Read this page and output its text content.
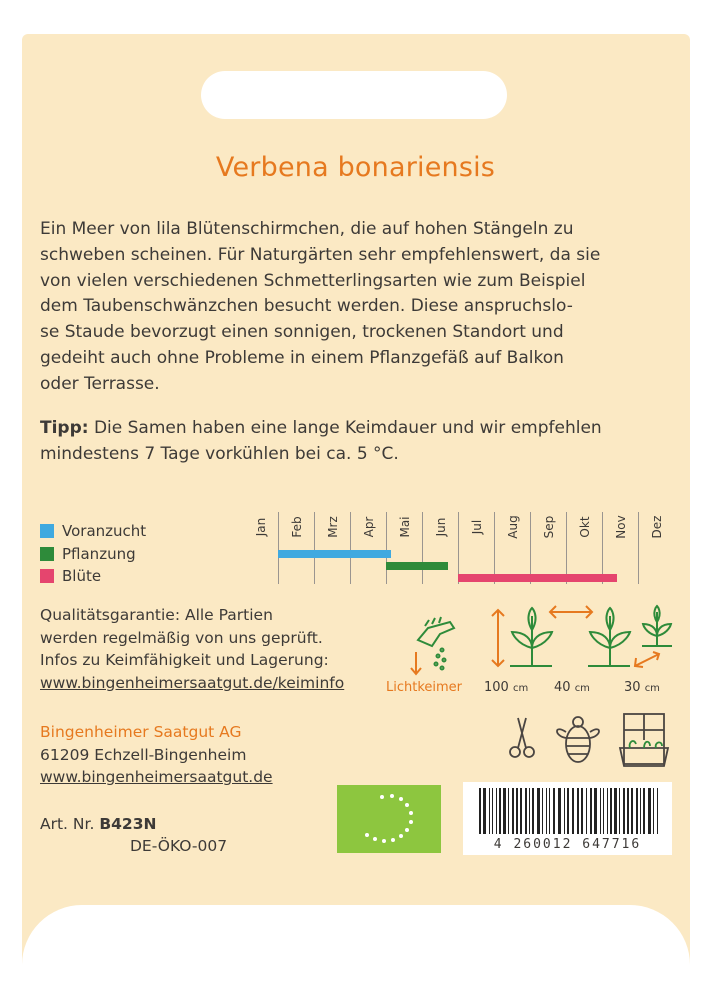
Verbena bonariensis

Ein Meer von lila Blütenschirmchen, die auf hohen Stängeln zu

schweben scheinen. Für Naturgärten sehr empfehlenswert, da sie

von vielen verschiedenen Schmetterlingsarten wie zum Beispiel

dem Taubenschwänzchen besucht werden. Diese anspruchslo-

se Staude bevorzugt einen sonnigen, trockenen Standort und

gedeiht auch ohne Probleme in einem Pflanzgefäß auf Balkon

oder Terrasse.

Tipp: Die Samen haben eine lange Keimdauer und wir empfehlen
mindestens 7 Tage vorkühlen bei ca. 5 °C.
Voranzucht
Pflanzung
Blüte
Jan Feb Mrz Apr Mai Jun Jul Aug Sep Okt Nov Dez
Qualitätsgarantie: Alle Partien
werden regelmäßig von uns geprüft.
Infos zu Keimfähigkeit und Lagerung:
www.bingenheimersaatgut.de/keiminfo	Lichtkeimer 100 cm 40 cm	30 cm
Bingenheimer Saatgut AG
61209 Echzell-Bingenheim
www.bingenheimersaatgut.de
Art. Nr. B423N
DE-ÖKO-007	4 260012 647716
